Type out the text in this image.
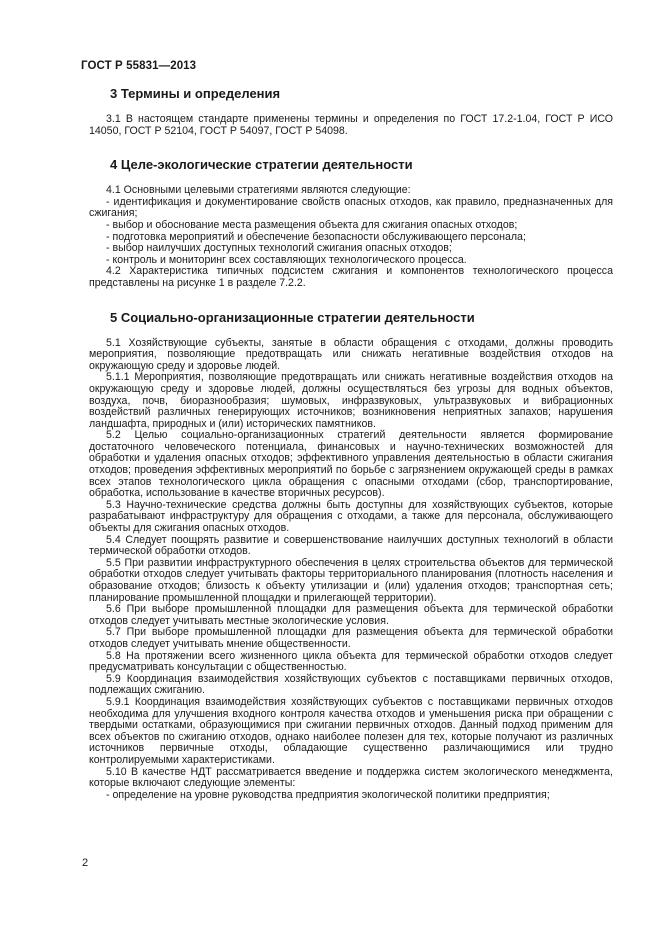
ГОСТ Р 55831—2013
3 Термины и определения

3.1 В настоящем стандарте применены термины и определения по ГОСТ 17.2-1.04, ГОСТ Р ИСО 14050, ГОСТ Р 52104, ГОСТ Р 54097, ГОСТ Р 54098.

4 Целе-экологические стратегии деятельности

4.1 Основными целевыми стратегиями являются следующие:

- идентификация и документирование свойств опасных отходов, как правило, предназначенных для сжигания;

- выбор и обоснование места размещения объекта для сжигания опасных отходов;

- подготовка мероприятий и обеспечение безопасности обслуживающего персонала;

- выбор наилучших доступных технологий сжигания опасных отходов;

- контроль и мониторинг всех составляющих технологического процесса.

4.2 Характеристика типичных подсистем сжигания и компонентов технологического процесса представлены на рисунке 1 в разделе 7.2.2.

5 Социально-организационные стратегии деятельности

5.1 Хозяйствующие субъекты, занятые в области обращения с отходами, должны проводить мероприятия, позволяющие предотвращать или снижать негативные воздействия отходов на окружающую среду и здоровье людей.

5.1.1 Мероприятия, позволяющие предотвращать или снижать негативные воздействия отходов на окружающую среду и здоровье людей, должны осуществляться без угрозы для водных объектов, воздуха, почв, биоразнообразия; шумовых, инфразвуковых, ультразвуковых и вибрационных воздействий различных генерирующих источников; возникновения неприятных запахов; нарушения ландшафта, природных и (или) исторических памятников.

5.2 Целью социально-организационных стратегий деятельности является формирование достаточного человеческого потенциала, финансовых и научно-технических возможностей для обработки и удаления опасных отходов; эффективного управления деятельностью в области сжигания отходов; проведения эффективных мероприятий по борьбе с загрязнением окружающей среды в рамках всех этапов технологического цикла обращения с опасными отходами (сбор, транспортирование, обработка, использование в качестве вторичных ресурсов).

5.3 Научно-технические средства должны быть доступны для хозяйствующих субъектов, которые разрабатывают инфраструктуру для обращения с отходами, а также для персонала, обслуживающего объекты для сжигания опасных отходов.

5.4 Следует поощрять развитие и совершенствование наилучших доступных технологий в области термической обработки отходов.

5.5 При развитии инфраструктурного обеспечения в целях строительства объектов для термической обработки отходов следует учитывать факторы территориального планирования (плотность населения и образование отходов; близость к объекту утилизации и (или) удаления отходов; транспортная сеть; планирование промышленной площадки и прилегающей территории).

5.6 При выборе промышленной площадки для размещения объекта для термической обработки отходов следует учитывать местные экологические условия.

5.7 При выборе промышленной площадки для размещения объекта для термической обработки отходов следует учитывать мнение общественности.

5.8 На протяжении всего жизненного цикла объекта для термической обработки отходов следует предусматривать консультации с общественностью.

5.9 Координация взаимодействия хозяйствующих субъектов с поставщиками первичных отходов, подлежащих сжиганию.

5.9.1 Координация взаимодействия хозяйствующих субъектов с поставщиками первичных отходов необходима для улучшения входного контроля качества отходов и уменьшения риска при обращении с твердыми остатками, образующимися при сжигании первичных отходов. Данный подход применим для всех объектов по сжиганию отходов, однако наиболее полезен для тех, которые получают из различных источников первичные отходы, обладающие существенно различающимися или трудно контролируемыми характеристиками.

5.10 В качестве НДТ рассматривается введение и поддержка систем экологического менеджмента, которые включают следующие элементы:

- определение на уровне руководства предприятия экологической политики предприятия;

2
